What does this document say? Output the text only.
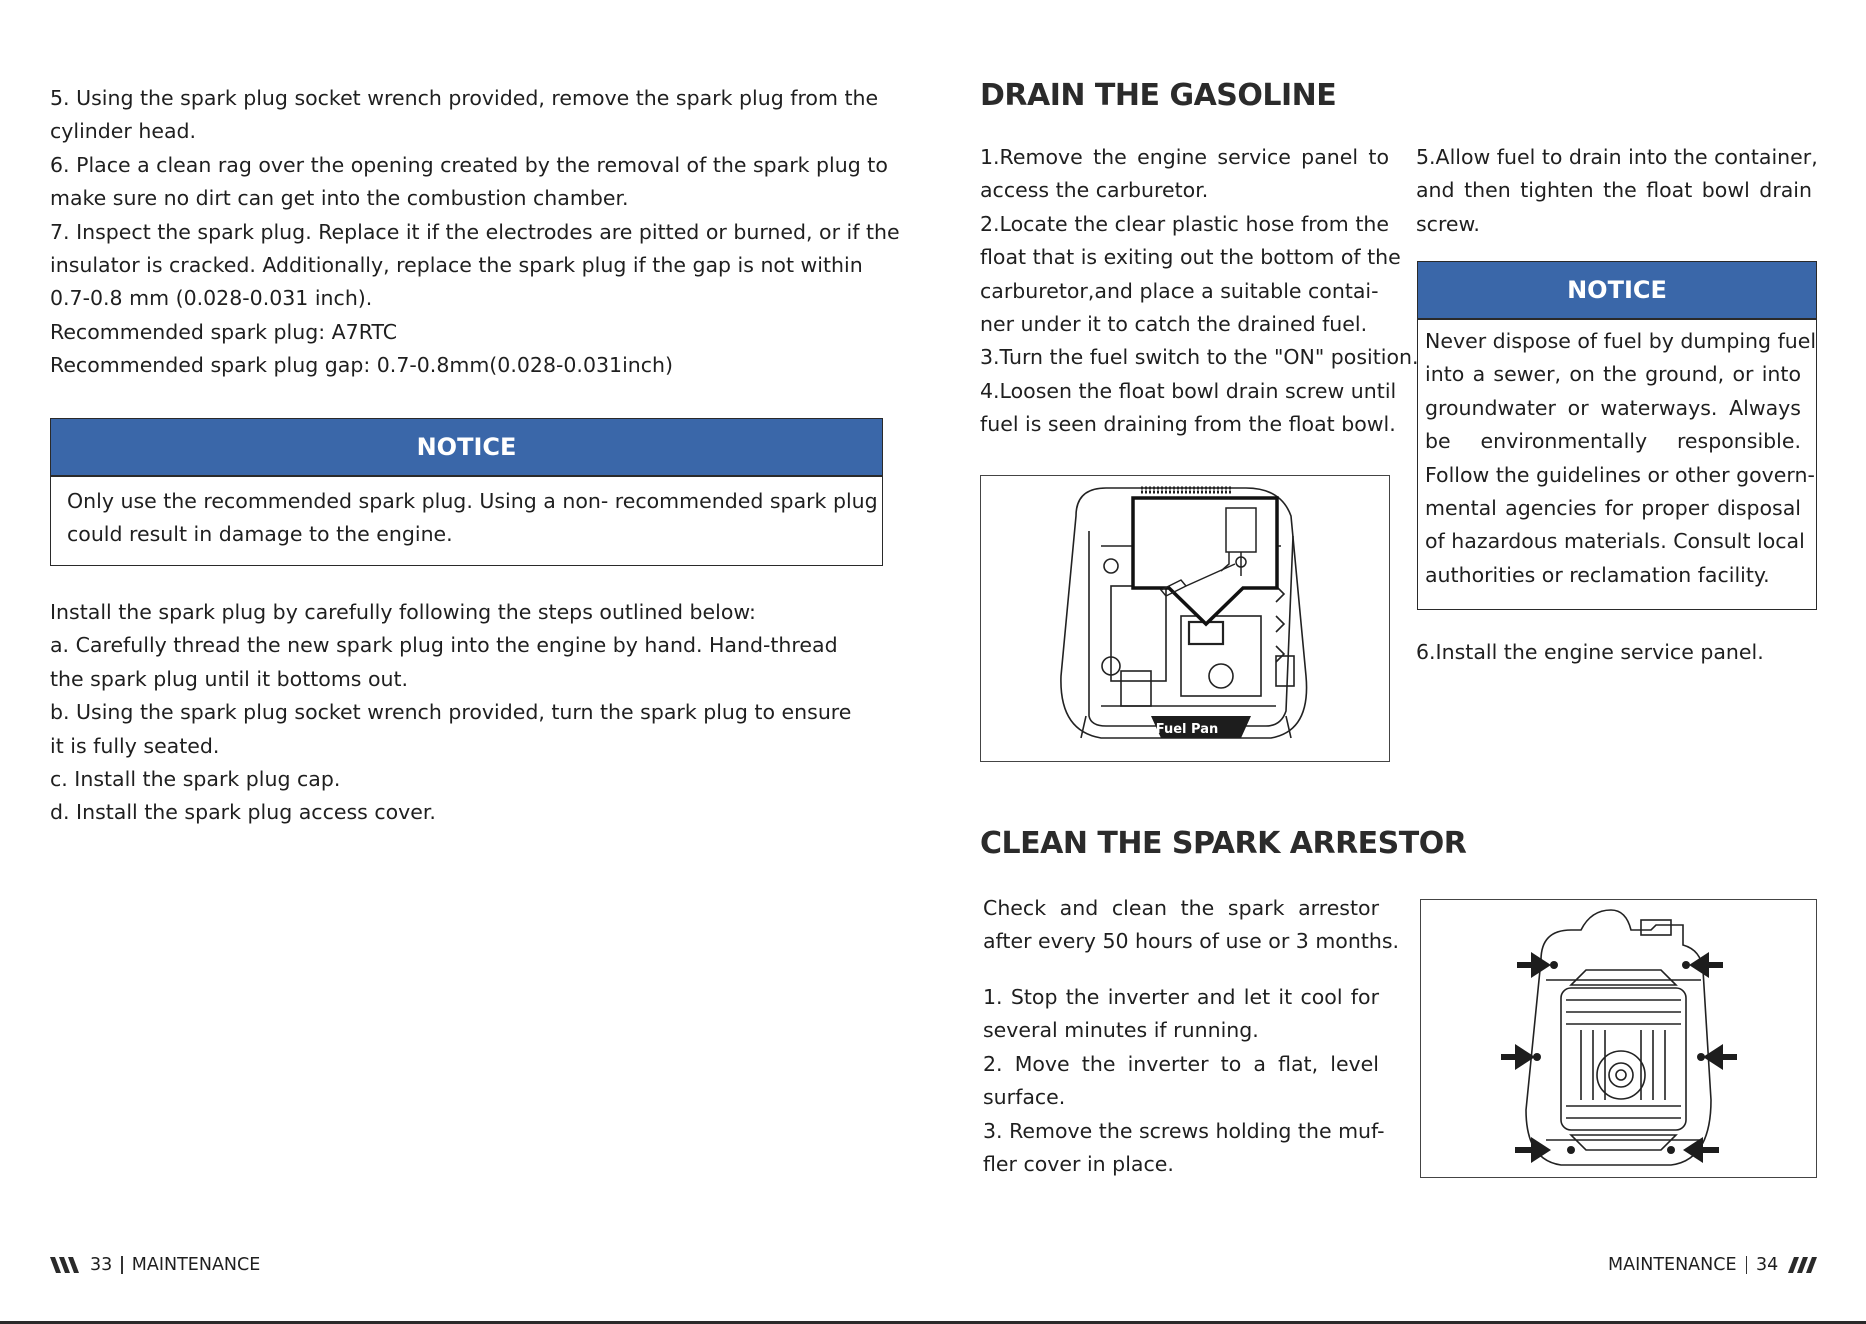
5. Using the spark plug socket wrench provided, remove the spark plug from the
cylinder head.
6. Place a clean rag over the opening created by the removal of the spark plug to
make sure no dirt can get into the combustion chamber.
7. Inspect the spark plug. Replace it if the electrodes are pitted or burned, or if the
insulator is cracked. Additionally, replace the spark plug if the gap is not within
0.7-0.8 mm (0.028-0.031 inch).
Recommended spark plug: A7RTC
Recommended spark plug gap: 0.7-0.8mm(0.028-0.031inch)
NOTICE
Only use the recommended spark plug. Using a non- recommended spark plug
could result in damage to the engine.
Install the spark plug by carefully following the steps outlined below:
a. Carefully thread the new spark plug into the engine by hand. Hand-thread
the spark plug until it bottoms out.
b. Using the spark plug socket wrench provided, turn the spark plug to ensure
it is fully seated.
c. Install the spark plug cap.
d. Install the spark plug access cover.
33 MAINTENANCE
DRAIN THE GASOLINE
1.Remove the engine service panel to
access the carburetor.
2.Locate the clear plastic hose from the
float that is exiting out the bottom of the
carburetor,and place a suitable contai-
ner under it to catch the drained fuel.
3.Turn the fuel switch to the "ON" position.
4.Loosen the float bowl drain screw until
fuel is seen draining from the float bowl.
Fuel Pan
5.Allow fuel to drain into the container,
and then tighten the float bowl drain
screw.
NOTICE
Never dispose of fuel by dumping fuel
into a sewer, on the ground, or into
groundwater or waterways. Always
be environmentally responsible.
Follow the guidelines or other govern-
mental agencies for proper disposal
of hazardous materials. Consult local
authorities or reclamation facility.
6.Install the engine service panel.
CLEAN THE SPARK ARRESTOR
Check and clean the spark arrestor
after every 50 hours of use or 3 months.
1. Stop the inverter and let it cool for
several minutes if running.
2. Move the inverter to a flat, level
surface.
3. Remove the screws holding the muf-
fler cover in place.
MAINTENANCE 34
